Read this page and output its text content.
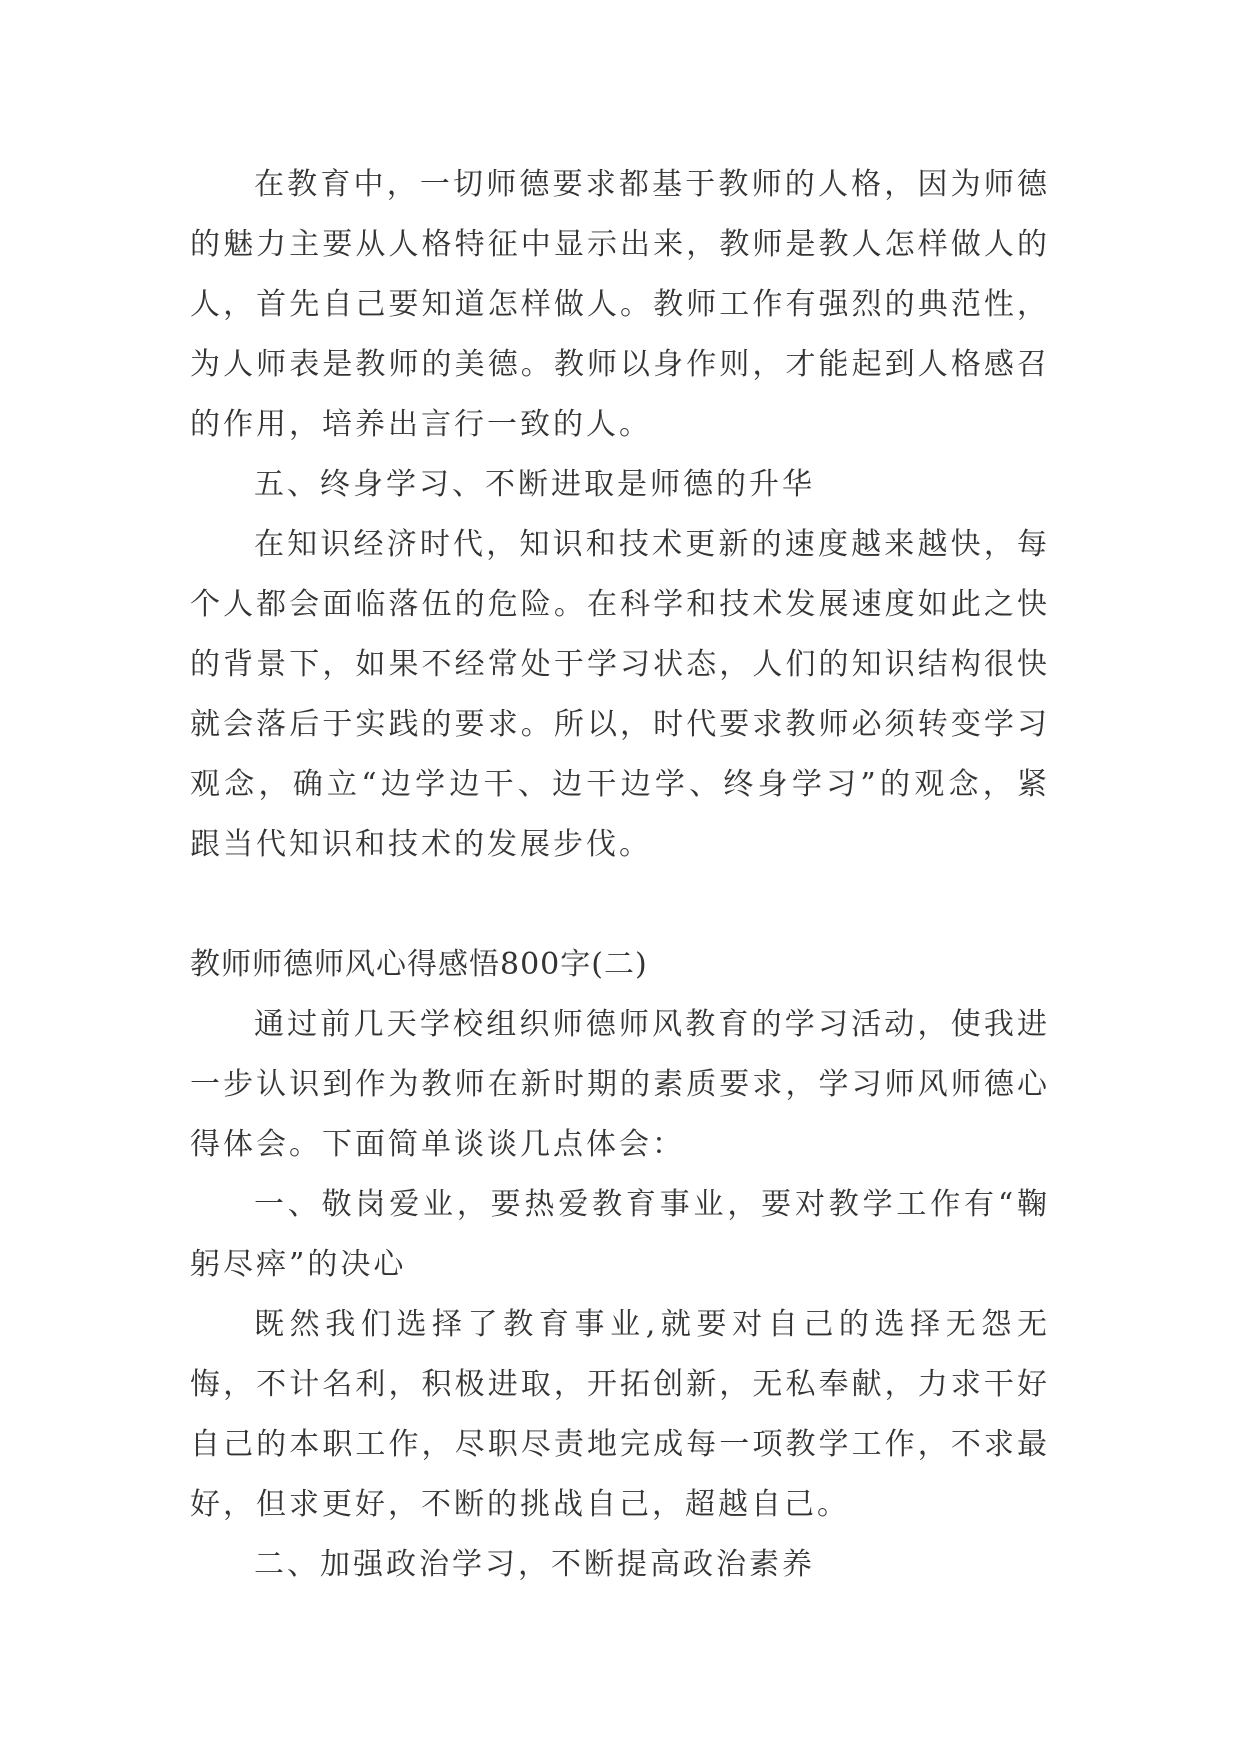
在教育中，一切师德要求都基于教师的人格，因为师德的魅力主要从人格特征中显示出来，教师是教人怎样做人的人，首先自己要知道怎样做人。教师工作有强烈的典范性，为人师表是教师的美德。教师以身作则，才能起到人格感召的作用，培养出言行一致的人。

五、终身学习、不断进取是师德的升华

在知识经济时代，知识和技术更新的速度越来越快，每个人都会面临落伍的危险。在科学和技术发展速度如此之快的背景下，如果不经常处于学习状态，人们的知识结构很快就会落后于实践的要求。所以，时代要求教师必须转变学习观念，确立“边学边干、边干边学、终身学习”的观念，紧跟当代知识和技术的发展步伐。

教师师德师风心得感悟800字(二)

通过前几天学校组织师德师风教育的学习活动，使我进一步认识到作为教师在新时期的素质要求，学习师风师德心得体会。下面简单谈谈几点体会：

一、敬岗爱业，要热爱教育事业，要对教学工作有“鞠躬尽瘁”的决心

既然我们选择了教育事业,就要对自己的选择无怨无悔，不计名利，积极进取，开拓创新，无私奉献，力求干好自己的本职工作，尽职尽责地完成每一项教学工作，不求最好，但求更好，不断的挑战自己，超越自己。

二、加强政治学习，不断提高政治素养
